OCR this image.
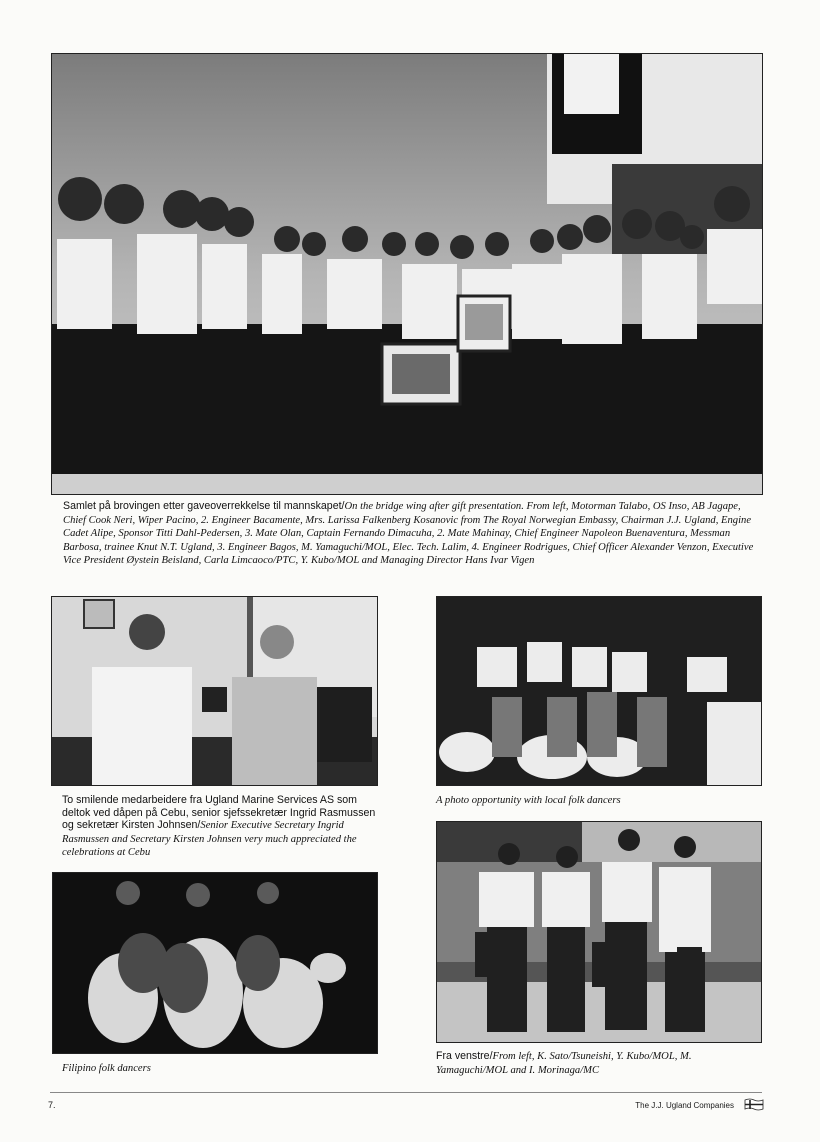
Samlet på brovingen etter gaveoverrekkelse til mannskapet/On the bridge wing after gift presentation. From left, Motorman Talabo, OS Inso, AB Jagape, Chief Cook Neri, Wiper Pacino, 2. Engineer Bacamente, Mrs. Larissa Falkenberg Kosanovic from The Royal Norwegian Embassy, Chairman J.J. Ugland, Engine Cadet Alipe, Sponsor Titti Dahl-Pedersen, 3. Mate Olan, Captain Fernando Dimacuha, 2. Mate Mahinay, Chief Engineer Napoleon Buenaventura, Messman Barbosa, trainee Knut N.T. Ugland, 3. Engineer Bagos, M. Yamaguchi/MOL, Elec. Tech. Lalim, 4. Engineer Rodrigues, Chief Officer Alexander Venzon, Executive Vice President Øystein Beisland, Carla Limcaoco/PTC, Y. Kubo/MOL and Managing Director Hans Ivar Vigen
To smilende medarbeidere fra Ugland Marine Services AS som deltok ved dåpen på Cebu, senior sjefssekretær Ingrid Rasmussen og sekretær Kirsten Johnsen/Senior Executive Secretary Ingrid Rasmussen and Secretary Kirsten Johnsen very much appreciated the celebrations at Cebu
A photo opportunity with local folk dancers
Filipino folk dancers
Fra venstre/From left, K. Sato/Tsuneishi, Y. Kubo/MOL, M. Yamaguchi/MOL and I. Morinaga/MC
7.	The J.J. Ugland Companies
